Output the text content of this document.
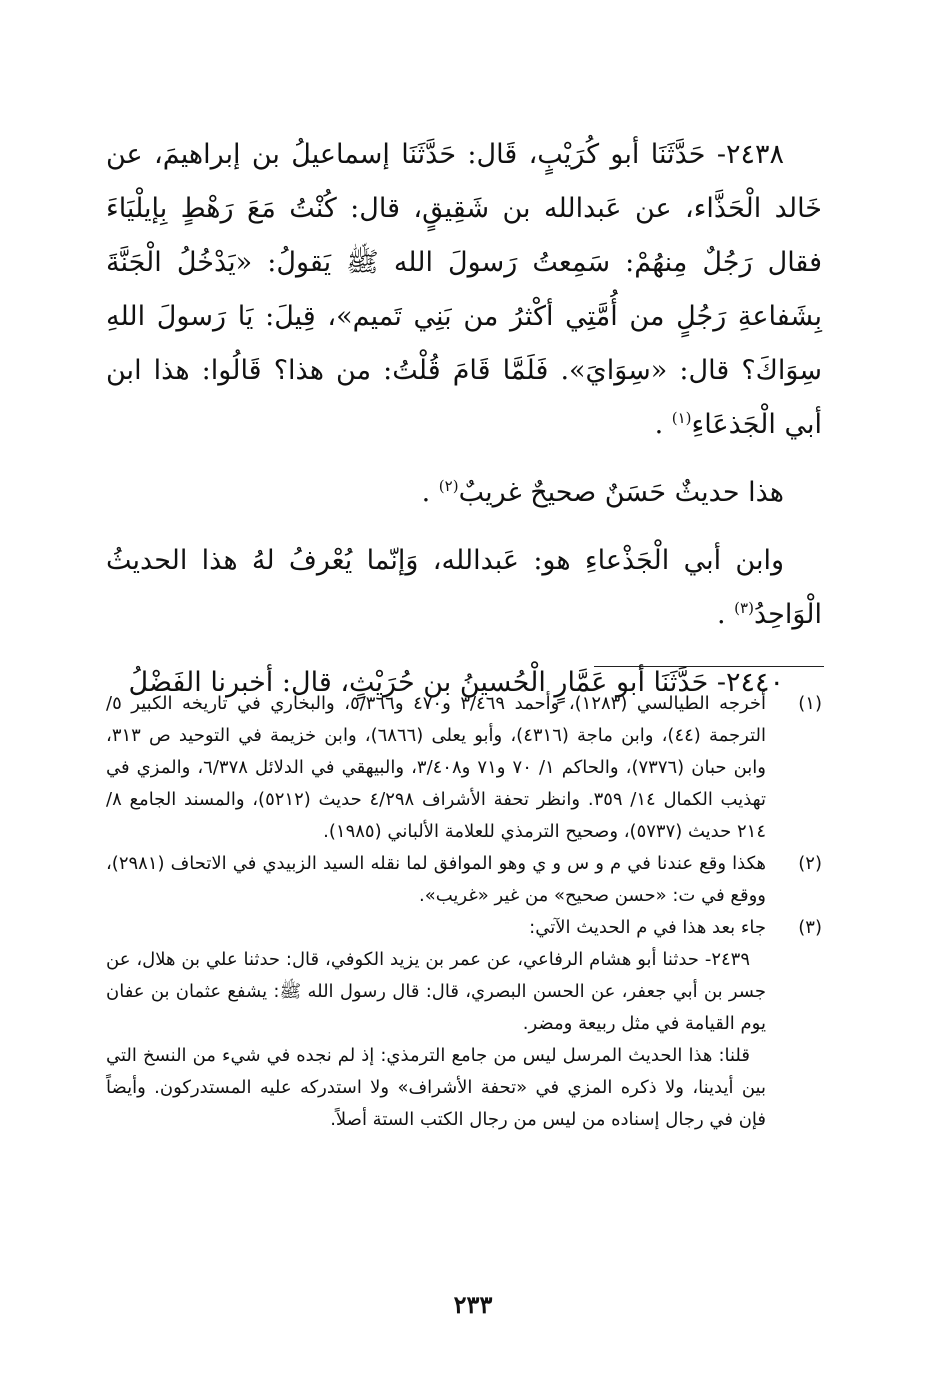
٢٤٣٨- حَدَّثَنَا أبو كُرَيْبٍ، قَال: حَدَّثَنَا إسماعيلُ بن إبراهيمَ، عن خَالد الْحَذَّاء، عن عَبدالله بن شَقِيقٍ، قال: كُنْتُ مَعَ رَهْطٍ بِإيلْيَاءَ فقال رَجُلٌ مِنهُمْ: سَمِعتُ رَسولَ الله ﷺ يَقولُ: «يَدْخُلُ الْجَنَّةَ بِشَفاعةِ رَجُلٍ من أُمَّتِي أكْثرُ من بَنِي تَميم»، قِيلَ: يَا رَسولَ اللهِ سِوَاكَ؟ قال: «سِوَايَ». فَلَمَّا قَامَ قُلْتُ: من هذا؟ قَالُوا: هذا ابن أبي الْجَذعَاءِ$^{(١)}$ .

هذا حديثٌ حَسَنٌ صحيحٌ غريبٌ$^{(٢)}$ .

وابن أبي الْجَذْعاءِ هو: عَبدالله، وَإنّما يُعْرفُ لهُ هذا الحديثُ الْوَاحِدُ$^{(٣)}$ .

٢٤٤٠- حَدَّثَنَا أبو عَمَّارٍ الْحُسينُ بن حُرَيْثٍ، قال: أخبرنا الفَضْلُ

(١)

أخرجه الطيالسي (١٢٨٣)، وأحمد ٣/٤٦٩ و٤٧٠ و٥/٣٦٦، والبخاري في تاريخه الكبير ٥/الترجمة (٤٤)، وابن ماجة (٤٣١٦)، وأبو يعلى (٦٨٦٦)، وابن خزيمة في التوحيد ص ٣١٣، وابن حبان (٧٣٧٦)، والحاكم ١/ ٧٠ و٧١ و٣/٤٠٨، والبيهقي في الدلائل ٦/٣٧٨، والمزي في تهذيب الكمال ١٤/ ٣٥٩. وانظر تحفة الأشراف ٤/٢٩٨ حديث (٥٢١٢)، والمسند الجامع ٨/ ٢١٤ حديث (٥٧٣٧)، وصحيح الترمذي للعلامة الألباني (١٩٨٥).

(٢)

هكذا وقع عندنا في م و س و ي وهو الموافق لما نقله السيد الزبيدي في الاتحاف (٢٩٨١)، ووقع في ت: «حسن صحيح» من غير «غريب».

(٣)

جاء بعد هذا في م الحديث الآتي:

٢٤٣٩- حدثنا أبو هشام الرفاعي، عن عمر بن يزيد الكوفي، قال: حدثنا علي بن هلال، عن جسر بن أبي جعفر، عن الحسن البصري، قال: قال رسول الله ﷺ: يشفع عثمان بن عفان يوم القيامة في مثل ربيعة ومضر.

قلنا: هذا الحديث المرسل ليس من جامع الترمذي: إذ لم نجده في شيء من النسخ التي بين أيدينا، ولا ذكره المزي في «تحفة الأشراف» ولا استدركه عليه المستدركون. وأيضاً فإن في رجال إسناده من ليس من رجال الكتب الستة أصلاً.

٢٣٣
